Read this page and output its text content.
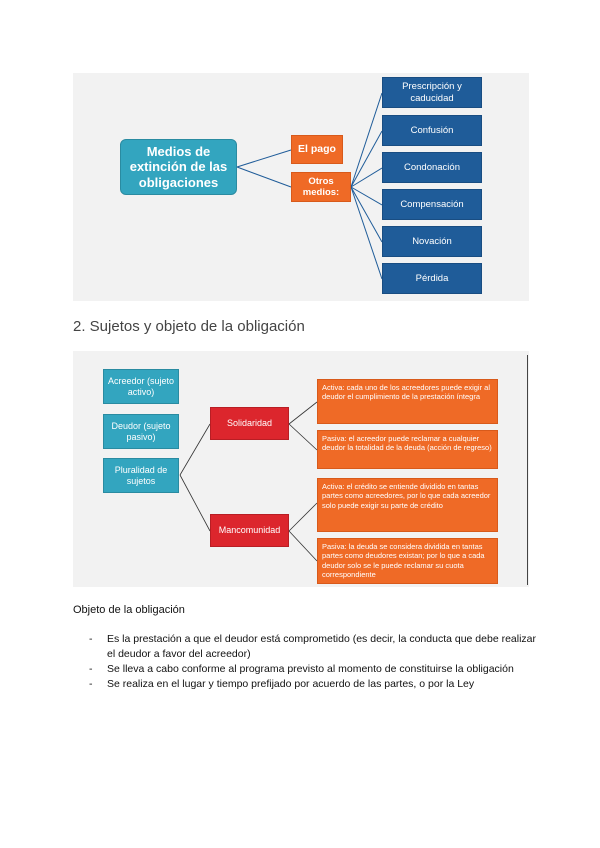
Medios de extinción de las obligaciones
El pago
Otros medios:
Prescripción y caducidad
Confusión
Condonación
Compensación
Novación
Pérdida
2. Sujetos y objeto de la obligación
Acreedor (sujeto activo)
Deudor (sujeto pasivo)
Pluralidad de sujetos
Solidaridad
Mancomunidad
Activa: cada uno de los acreedores puede exigir al deudor el cumplimiento de la prestación íntegra
Pasiva: el acreedor puede reclamar a cualquier deudor la totalidad de la deuda (acción de regreso)
Activa: el crédito se entiende dividido en tantas partes como acreedores, por lo que cada acreedor solo puede exigir su parte de crédito
Pasiva: la deuda se considera dividida en tantas partes como deudores existan; por lo que a cada deudor solo se le puede reclamar su cuota correspondiente
Objeto de la obligación
- Es la prestación a que el deudor está comprometido (es decir, la conducta que debe realizar el deudor a favor del acreedor)
- Se lleva a cabo conforme al programa previsto al momento de constituirse la obligación
- Se realiza en el lugar y tiempo prefijado por acuerdo de las partes, o por la Ley
